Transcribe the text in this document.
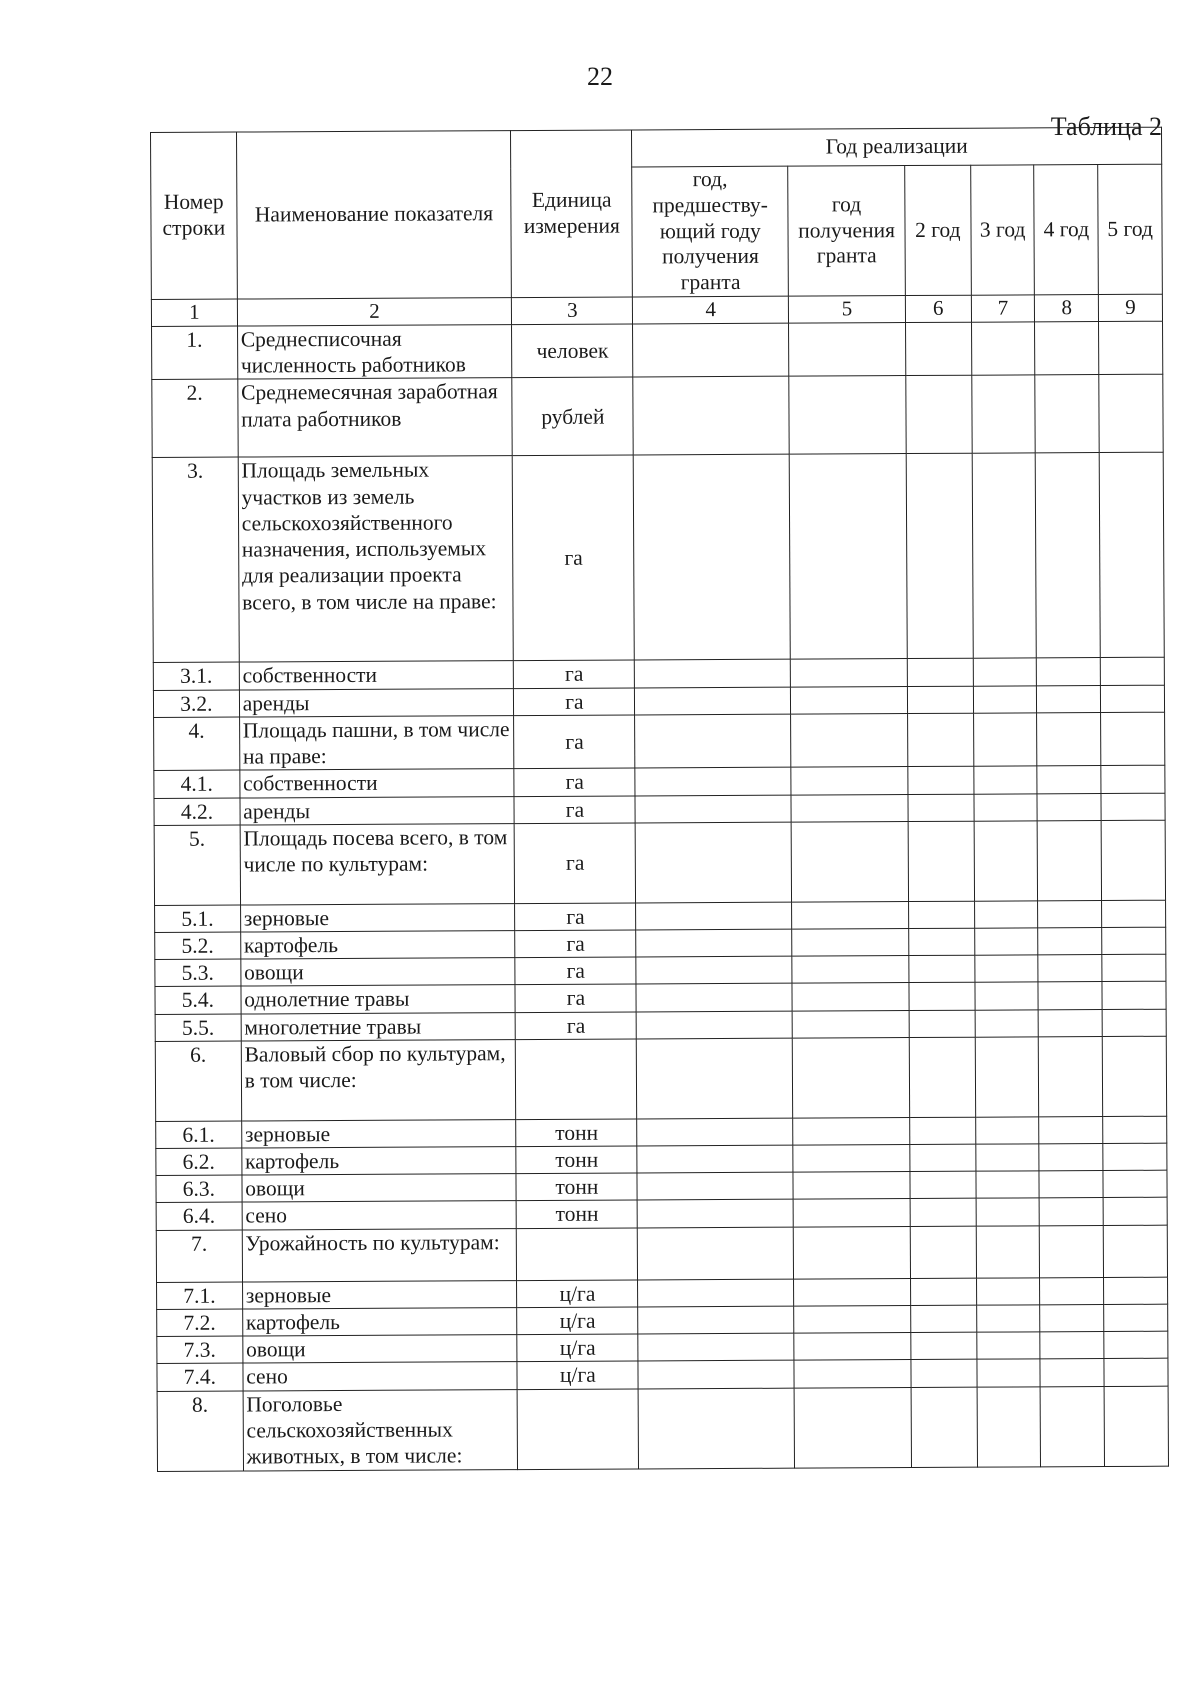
22
Таблица 2
Номер строки	Наименование показателя	Единица измерения	Год реализации					
			год, предшеству-ющий году получения гранта	год получения гранта	2 год	3 год	4 год	5 год
1	2	3	4	5	6	7	8	9
1.	Среднесписочная численность работников	человек						
2.	Среднемесячная заработная плата работников	рублей						
3.	Площадь земельных участков из земель сельскохозяйственного назначения, используемых для реализации проекта всего, в том числе на праве:	га						
3.1.	собственности	га						
3.2.	аренды	га						
4.	Площадь пашни, в том числе на праве:	га						
4.1.	собственности	га						
4.2.	аренды	га						
5.	Площадь посева всего, в том числе по культурам:	га						
5.1.	зерновые	га						
5.2.	картофель	га						
5.3.	овощи	га						
5.4.	однолетние травы	га						
5.5.	многолетние травы	га						
6.	Валовый сбор по культурам, в том числе:							
6.1.	зерновые	тонн						
6.2.	картофель	тонн						
6.3.	овощи	тонн						
6.4.	сено	тонн						
7.	Урожайность по культурам:							
7.1.	зерновые	ц/га						
7.2.	картофель	ц/га						
7.3.	овощи	ц/га						
7.4.	сено	ц/га						
8.	Поголовье сельскохозяйственных животных, в том числе:							
